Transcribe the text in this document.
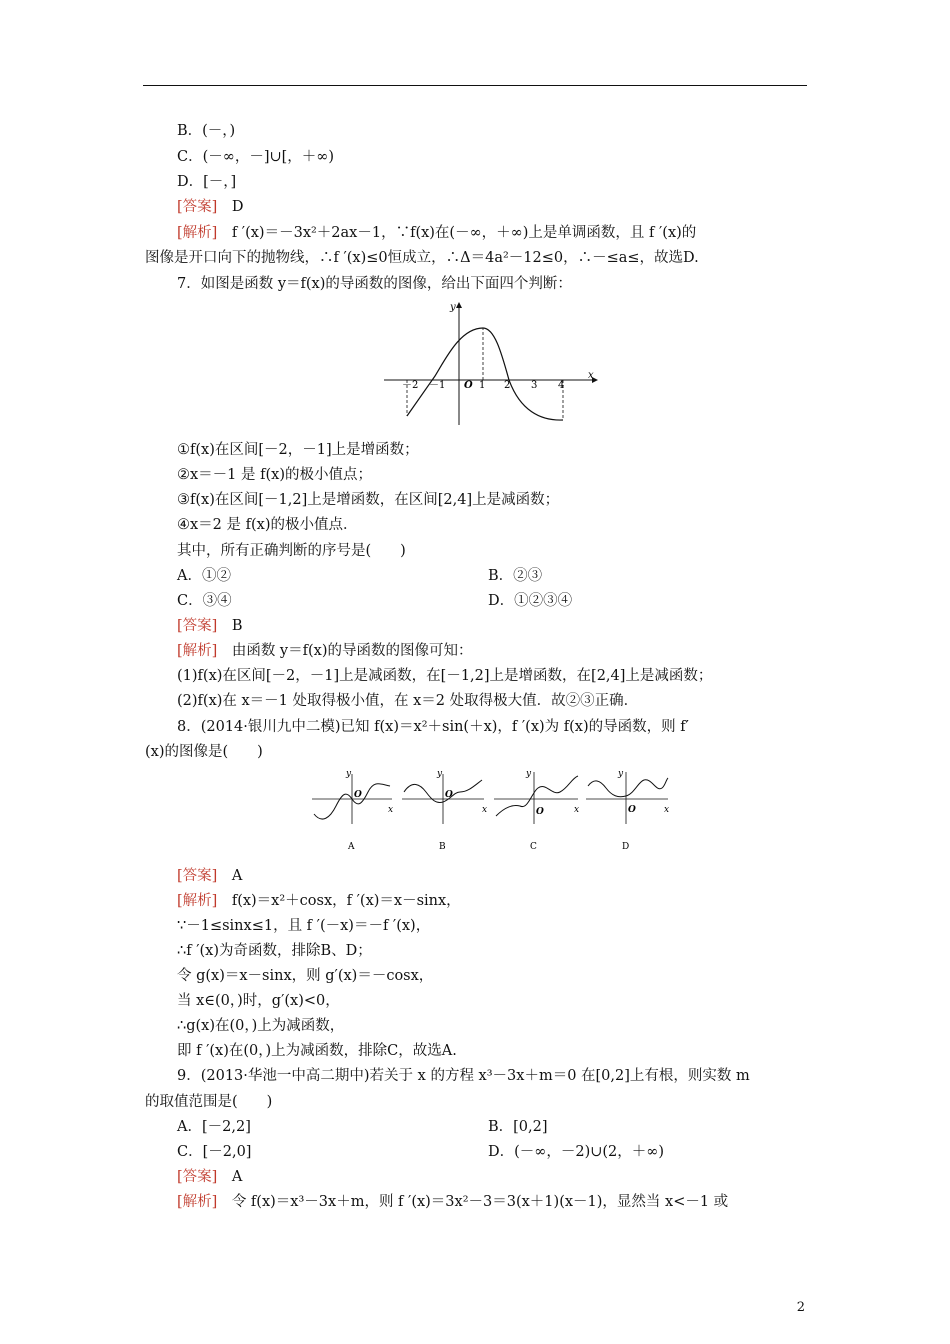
B．(－，)
C．(－∞，－]∪[，＋∞)
D．[－，]
[答案]　 D
[解析]　 f ′(x)＝－3x²＋2ax－1，∵f(x)在(－∞，＋∞)上是单调函数，且 f ′(x)的
图像是开口向下的抛物线，∴f ′(x)≤0恒成立，∴Δ＝4a²－12≤0，∴－≤a≤，故选D.
7．如图是函数 y＝f(x)的导函数的图像，给出下面四个判断：
y
x
O
－2 －1	1 2 3 4
①f(x)在区间[－2，－1]上是增函数；
②x＝－1 是 f(x)的极小值点；
③f(x)在区间[－1,2]上是增函数，在区间[2,4]上是减函数；
④x＝2 是 f(x)的极小值点．
其中，所有正确判断的序号是(　　)
A．①②	B．②③
C．③④	D．①②③④
[答案]　 B
[解析]　 由函数 y＝f(x)的导函数的图像可知：
(1)f(x)在区间[－2，－1]上是减函数，在[－1,2]上是增函数，在[2,4]上是减函数；
(2)f(x)在 x＝－1 处取得极小值，在 x＝2 处取得极大值．故②③正确．
8．(2014·银川九中二模)已知 f(x)＝x²＋sin(＋x)，f ′(x)为 f(x)的导函数，则 f′
(x)的图像是(　　)
y
x
O
A
y
x
O
B
y
x
O
C
y
x
O
D
[答案]　 A
[解析]　 f(x)＝x²＋cosx，f ′(x)＝x－sinx，
∵－1≤sinx≤1，且 f ′(－x)＝－f ′(x)，
∴f ′(x)为奇函数，排除B、D；
令 g(x)＝x－sinx，则 g′(x)＝－cosx，
当 x∈(0，)时，g′(x)<0，
∴g(x)在(0，)上为减函数，
即 f ′(x)在(0，)上为减函数，排除C，故选A.
9．(2013·华池一中高二期中)若关于 x 的方程 x³－3x＋m＝0 在[0,2]上有根，则实数 m
的取值范围是(　　)
A．[－2,2]	B．[0,2]
C．[－2,0]	D．(－∞，－2)∪(2，＋∞)
[答案]　 A
[解析]　 令 f(x)＝x³－3x＋m，则 f ′(x)＝3x²－3＝3(x＋1)(x－1)，显然当 x<－1 或
2
